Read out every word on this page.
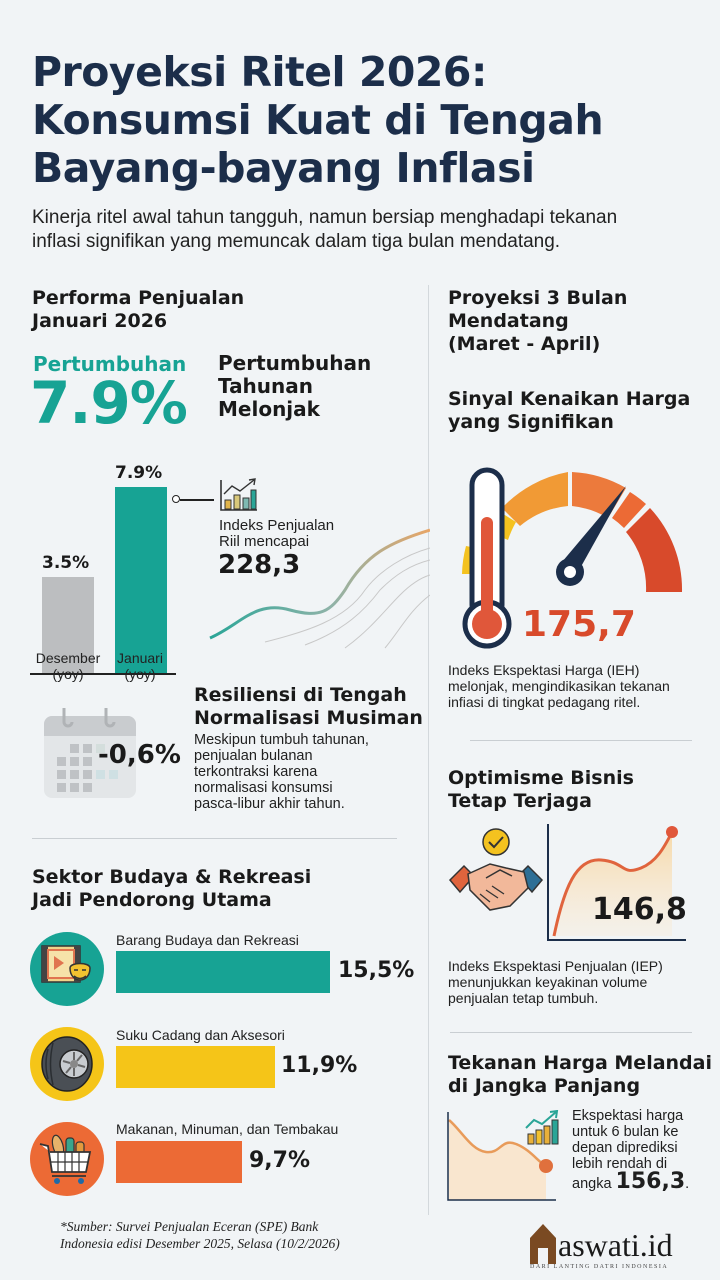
Proyeksi Ritel 2026:
Konsumsi Kuat di Tengah
Bayang-bayang Inflasi
Kinerja ritel awal tahun tangguh, namun bersiap menghadapi tekanan
inflasi signifikan yang memuncak dalam tiga bulan mendatang.
Performa Penjualan
Januari 2026
Pertumbuhan
7.9%
Pertumbuhan
Tahunan
Melonjak
3.5%
7.9%
Desember
(yoy)
Januari
(yoy)
Indeks Penjualan
Riil mencapai
228,3
-0,6%
Resiliensi di Tengah
Normalisasi Musiman
Meskipun tumbuh tahunan,
penjualan bulanan
terkontraksi karena
normalisasi konsumsi
pasca-libur akhir tahun.
Sektor Budaya & Rekreasi
Jadi Pendorong Utama
Barang Budaya dan Rekreasi
15,5%
Suku Cadang dan Aksesori
11,9%
Makanan, Minuman, dan Tembakau
9,7%
Proyeksi 3 Bulan
Mendatang
(Maret - April)
Sinyal Kenaikan Harga
yang Signifikan
175,7
Indeks Ekspektasi Harga (IEH)
melonjak, mengindikasikan tekanan
infiasi di tingkat pedagang ritel.
Optimisme Bisnis
Tetap Terjaga
146,8
Indeks Ekspektasi Penjualan (IEP)
menunjukkan keyakinan volume
penjualan tetap tumbuh.
Tekanan Harga Melandai
di Jangka Panjang
Ekspektasi harga
untuk 6 bulan ke
depan diprediksi
lebih rendah di
angka 156,3.
*Sumber: Survei Penjualan Eceran (SPE) Bank
Indonesia edisi Desember 2025, Selasa (10/2/2026)	aswati.id
DARI LANTING DATRI INDONESIA
